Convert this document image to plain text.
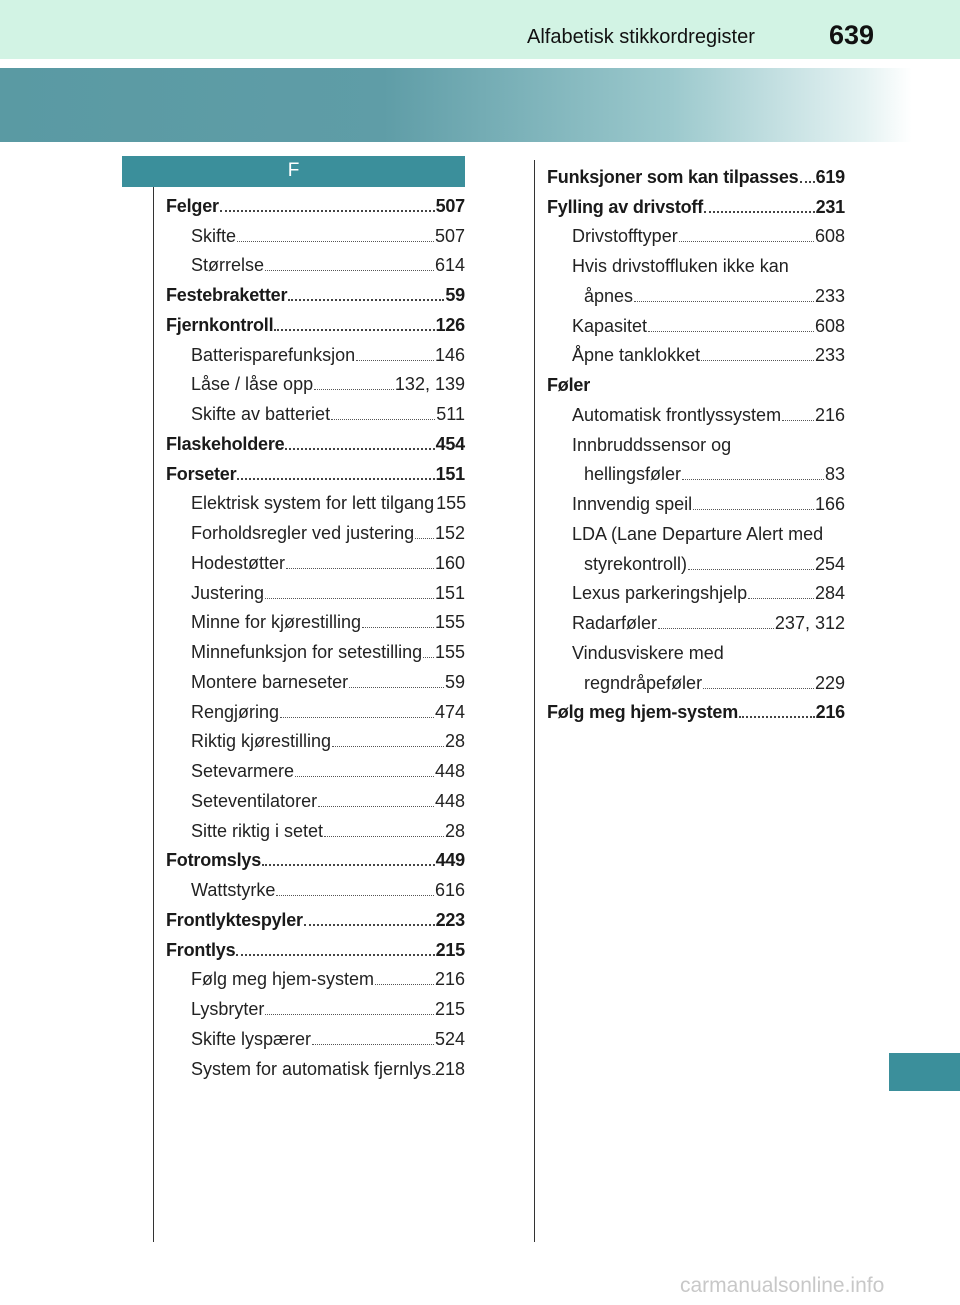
Alfabetisk stikkordregister	639
F
Felger	507
Skifte	507
Størrelse	614
Festebraketter	59
Fjernkontroll	126
Batterisparefunksjon	146
Låse / låse opp	132, 139
Skifte av batteriet	511
Flaskeholdere	454
Forseter	151
Elektrisk system for lett tilgang 155
Forholdsregler ved justering 152
Hodestøtter	160
Justering	151
Minne for kjørestilling	155
Minnefunksjon for setestilling 155
Montere barneseter	59
Rengjøring	474
Riktig kjørestilling	28
Setevarmere	448
Seteventilatorer	448
Sitte riktig i setet	28
Fotromslys	449
Wattstyrke	616
Frontlyktespyler	223
Frontlys	215
Følg meg hjem-system	216
Lysbryter	215
Skifte lyspærer	524
System for automatisk fjernlys 218
Funksjoner som kan tilpasses 619
Fylling av drivstoff	231
Drivstofftyper	608
Hvis drivstoffluken ikke kan
åpnes	233
Kapasitet	608
Åpne tanklokket	233
Føler
Automatisk frontlyssystem 216
Innbruddssensor og
hellingsføler	83
Innvendig speil	166
LDA (Lane Departure Alert med
styrekontroll)	254
Lexus parkeringshjelp	284
Radarføler	237, 312
Vindusviskere med
regndråpeføler	229
Følg meg hjem-system	216
carmanualsonline.info
